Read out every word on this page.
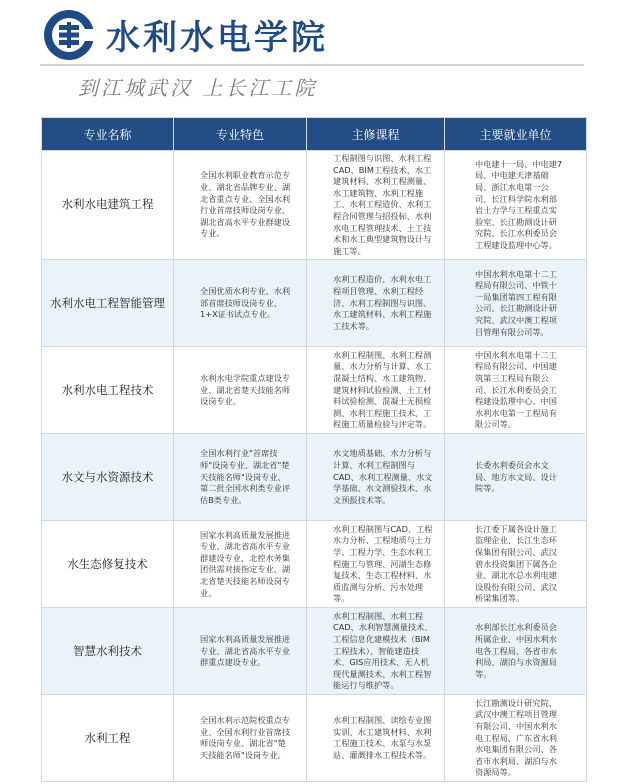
水利水电学院
到江城武汉 上长江工院
专业名称	专业特色	主修课程	主要就业单位
水利水电建筑工程	全国水利职业教育示范专业、湖北省品牌专业、湖北省重点专业、全国水利行业首席技师设岗专业、湖北省高水平专业群建设专业。	工程制图与识图、水利工程CAD、BIM工程技术、水工建筑材料、水利工程测量、水工建筑物、水利工程施工、水利工程造价、水利工程合同管理与招投标、水利水电工程管理技术、土工技术和水工典型建筑物设计与施工等。	中电建十一局、中电建7局、中电建天津基础局、浙江水电第一公司、长江科学院水利部岩土力学与工程重点实验室、长江勘测设计研究院、长江水利委员会工程建设监理中心等。
水利水电工程智能管理	全国优质水利专业、水利部首席技师设岗专业、1+X证书试点专业。	水利工程造价、水利水电工程项目管理、水利工程经济、水利工程制图与识图、水工建筑材料、水利工程施工技术等。	中国水利水电第十二工程局有限公司、中铁十一局集团第四工程有限公司、长江勘测设计研究院、武汉中澳工程项目管理有限公司等。
水利水电工程技术	水利水电学院重点建设专业、湖北省楚天技能名师设岗专业。	水利工程制图、水利工程测量、水力分析与计算、水工混凝土结构、水工建筑物、建筑材料试验检测、土工材料试验检测、混凝土无损检测、水利工程施工技术、工程施工质量检验与评定等。	中国水利水电第十二工程局有限公司、中国建筑第三工程局有限公司、长江水利委员会工程建设监理中心、中国水利水电第一工程局有限公司等。
水文与水资源技术	全国水利行业"首席技师"设岗专业、湖北省"楚天技能名师"设岗专业、第二批全国水利类专业评估B类专业。	水文地质基础、水力分析与计算、水利工程制图与CAD、水利工程测量、水文学基础、水文测验技术、水文预报技术等。	长委水利委员会水文局、地方水文局、设计院等。
水生态修复技术	国家水利高质量发展推进专业、湖北省高水平专业群建设专业、北控水务集团供需对接指定专业、湖北省楚天技能名师设岗专业。	水利工程制图与CAD、工程水力分析、工程地质与土力学、工程力学、生态水利工程施工与管理、河湖生态修复技术、生态工程材料、水质监测与分析、污水处理等。	长江委下属各设计施工监理企业、长江生态环保集团有限公司、武汉碧水投资集团下属各企业、湖北水总水利电建设股份有限公司、武汉桥梁集团等。
智慧水利技术	国家水利高质量发展推进专业、湖北省高水平专业群重点建设专业。	水利工程制图、水利工程CAD、水利智慧测量技术、工程信息化建模技术（BIM工程技术）、智能建造技术、GIS应用技术、无人机现代量测技术、水利工程智能运行与维护等。	水利部长江水利委员会所属企业、中国水利水电各工程局、各省市水利局、湖泊与水资源局等。
水利工程	全国水利示范院校重点专业、全国水利行业首席技师设岗专业、湖北省"楚天技能名师"设岗专业。	水利工程制图、读绘专业图实训、水工建筑材料、水利工程施工技术、水泵与水泵站、灌溉排水工程技术等。	长江勘测设计研究院、武汉中澳工程项目管理有限公司、中国水利水电工程局、广东省水利水电集团有限公司、各省市水利局、湖泊与水资源局等。
